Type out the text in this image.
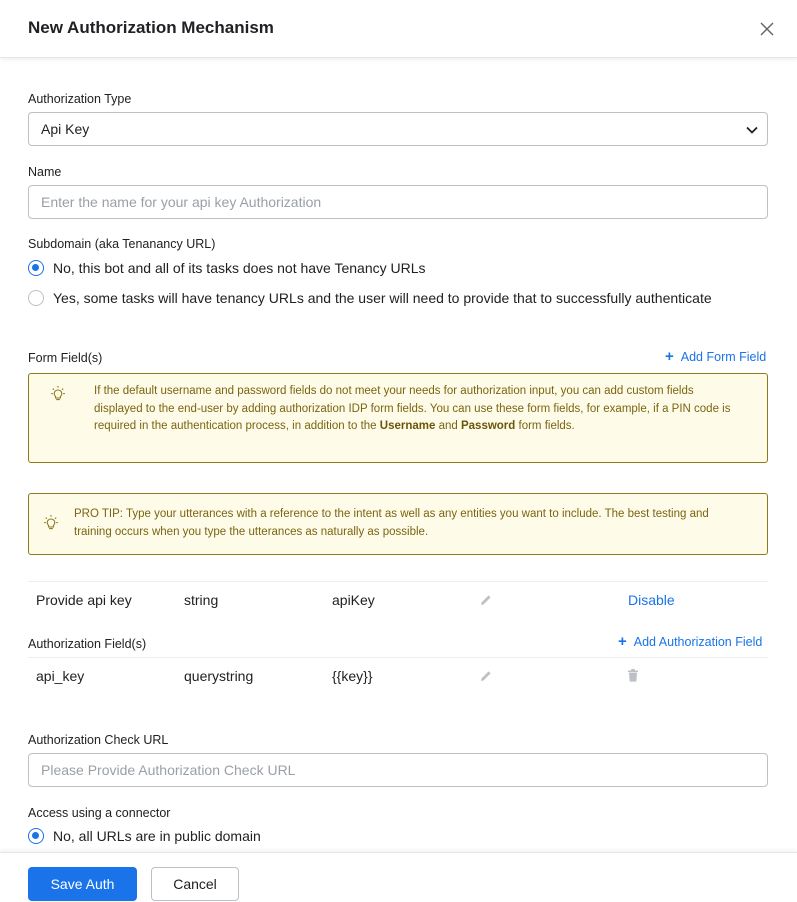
New Authorization Mechanism
Authorization Type
Api Key
Name
Enter the name for your api key Authorization
Subdomain (aka Tenanancy URL)
No, this bot and all of its tasks does not have Tenancy URLs
Yes, some tasks will have tenancy URLs and the user will need to provide that to successfully authenticate
Form Field(s)	+ Add Form Field
If the default username and password fields do not meet your needs for authorization input, you can add custom fields displayed to the end-user by adding authorization IDP form fields. You can use these form fields, for example, if a PIN code is required in the authentication process, in addition to the Username and Password form fields.
PRO TIP: Type your utterances with a reference to the intent as well as any entities you want to include. The best testing and training occurs when you type the utterances as naturally as possible.
Provide api key	string	apiKey	Disable
Authorization Field(s)	+ Add Authorization Field
api_key	querystring	{{key}}
Authorization Check URL
Please Provide Authorization Check URL
Access using a connector
No, all URLs are in public domain
Save Auth	Cancel
